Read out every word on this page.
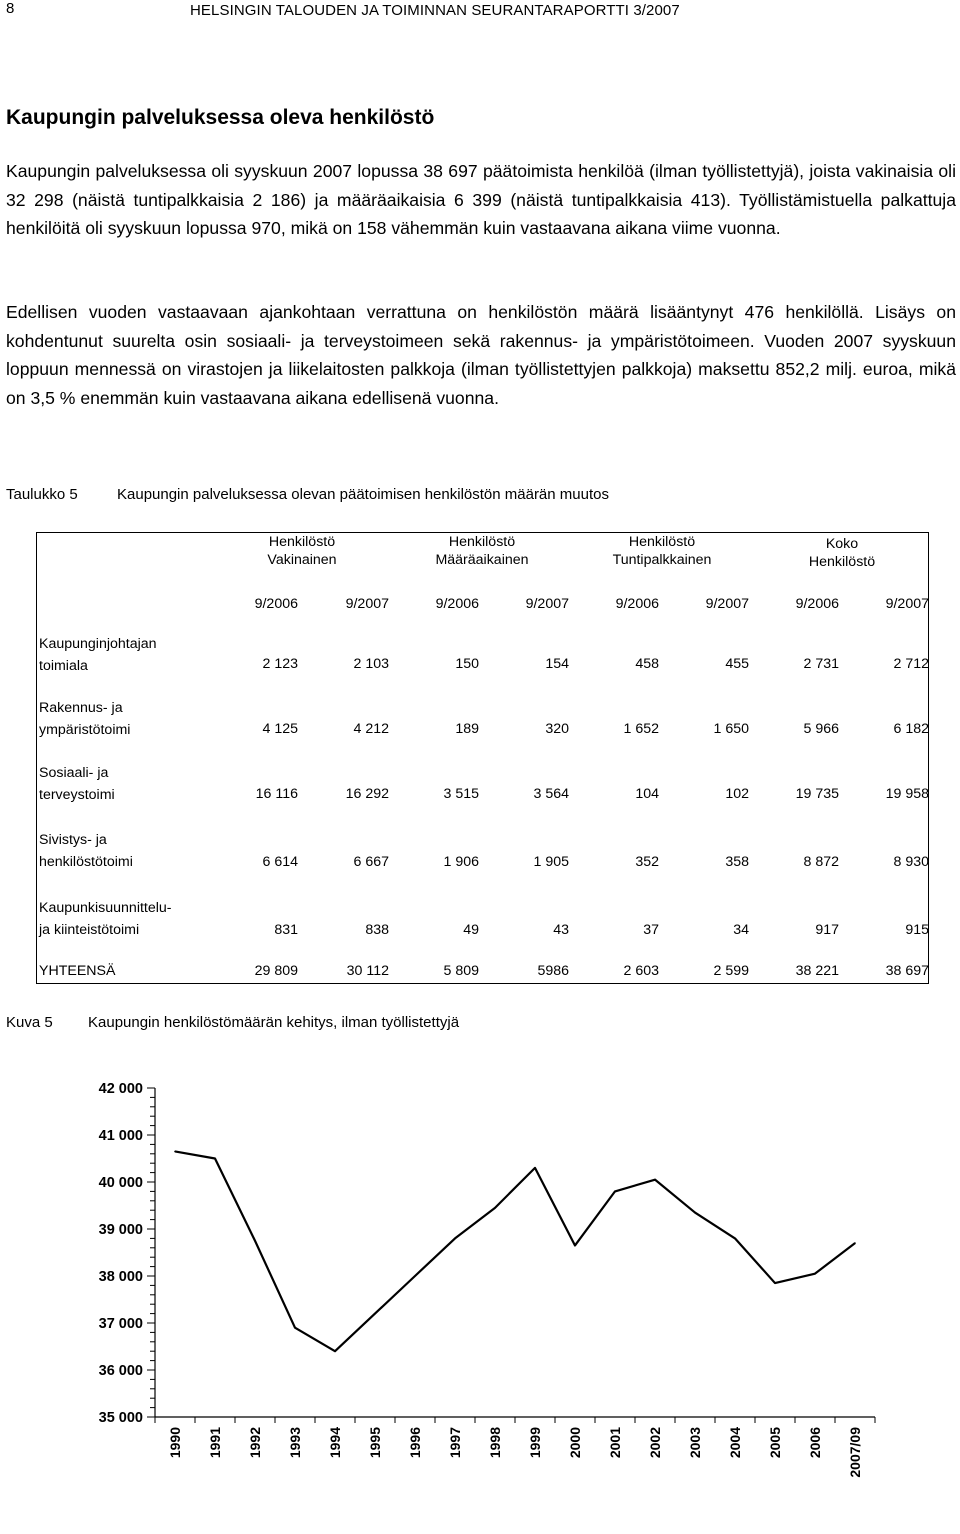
8	HELSINGIN TALOUDEN JA TOIMINNAN SEURANTARAPORTTI 3/2007
Kaupungin palveluksessa oleva henkilöstö
Kaupungin palveluksessa oli syyskuun 2007 lopussa 38 697 päätoimista henkilöä (ilman työllistettyjä), joista vakinaisia oli 32 298 (näistä tuntipalkkaisia 2 186) ja määräaikaisia 6 399 (näistä tuntipalkkaisia 413). Työllistämistuella palkattuja henkilöitä oli syyskuun lopussa 970, mikä on 158 vähemmän kuin vastaavana aikana viime vuonna.
Edellisen vuoden vastaavaan ajankohtaan verrattuna on henkilöstön määrä lisääntynyt 476 henkilöllä. Lisäys on kohdentunut suurelta osin sosiaali- ja terveystoimeen sekä rakennus- ja ympäristötoimeen. Vuoden 2007 syyskuun loppuun mennessä on virastojen ja liikelaitosten palkkoja (ilman työllistettyjen palkkoja) maksettu 852,2 milj. euroa, mikä on 3,5 % enemmän kuin vastaavana aikana edellisenä vuonna.
Taulukko 5	Kaupungin palveluksessa olevan päätoimisen henkilöstön määrän muutos
Henkilöstö
Vakinainen
Henkilöstö
Määräaikainen
Henkilöstö
Tuntipalkkainen
Koko
Henkilöstö
9/2006	9/2007	9/2006	9/2007	9/2006	9/2007	9/2006	9/2007
Kaupunginjohtajan
toimiala	2 123	2 103	150	154	458	455	2 731	2 712
Rakennus- ja
ympäristötoimi	4 125	4 212	189	320	1 652	1 650	5 966	6 182
Sosiaali- ja
terveystoimi	16 116	16 292	3 515	3 564	104	102	19 735	19 958
Sivistys- ja
henkilöstötoimi	6 614	6 667	1 906	1 905	352	358	8 872	8 930
Kaupunkisuunnittelu-
ja kiinteistötoimi	831	838	49	43	37	34	917	915
YHTEENSÄ	29 809	30 112	5 809	5986	2 603	2 599	38 221	38 697
Kuva 5 Kaupungin henkilöstömäärän kehitys, ilman työllistettyjä
35 000
36 000
37 000
38 000
39 000
40 000
41 000
42 000
1990 1991 1992 1993 1994 1995 1996 1997 1998 1999 2000 2001 2002 2003 2004 2005 2006 2007/09
